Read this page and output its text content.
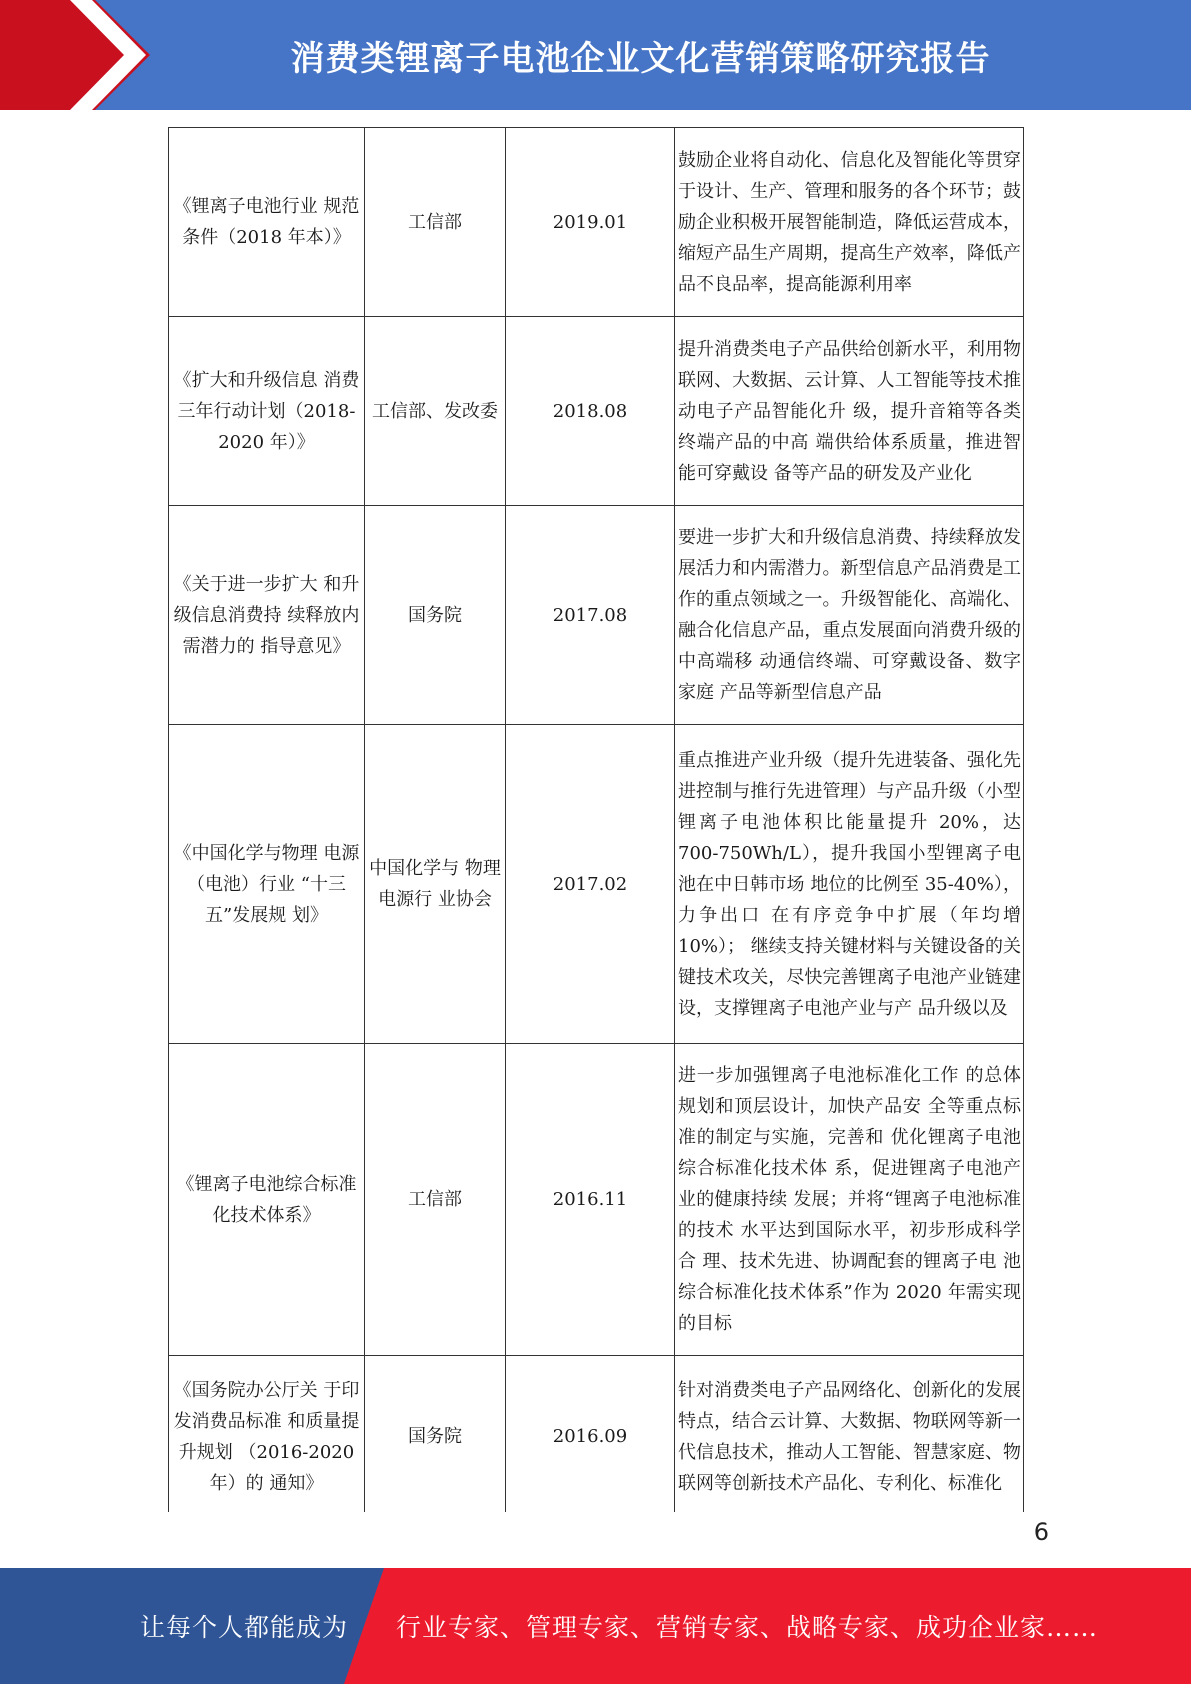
消费类锂离子电池企业文化营销策略研究报告
《锂离子电池行业 规范条件（2018 年本）》	工信部	2019.01	鼓励企业将自动化、信息化及智能化等贯穿于设计、生产、管理和服务的各个环节；鼓励企业积极开展智能制造，降低运营成本，缩短产品生产周期，提高生产效率，降低产品不良品率，提高能源利用率
《扩大和升级信息 消费三年行动计划（2018-2020 年）》	工信部、发改委	2018.08	提升消费类电子产品供给创新水平，利用物联网、大数据、云计算、人工智能等技术推动电子产品智能化升 级，提升音箱等各类终端产品的中高 端供给体系质量，推进智能可穿戴设 备等产品的研发及产业化
《关于进一步扩大 和升级信息消费持 续释放内需潜力的 指导意见》	国务院	2017.08	要进一步扩大和升级信息消费、持续释放发展活力和内需潜力。新型信息产品消费是工作的重点领域之一。升级智能化、高端化、融合化信息产品，重点发展面向消费升级的中高端移 动通信终端、可穿戴设备、数字家庭 产品等新型信息产品
《中国化学与物理 电源（电池）行业 “十三五”发展规 划》	中国化学与 物理电源行 业协会	2017.02	重点推进产业升级（提升先进装备、强化先进控制与推行先进管理）与产品升级（小型锂离子电池体积比能量提升 20%，达 700-750Wh/L），提升我国小型锂离子电池在中日韩市场 地位的比例至 35-40%），力争出口 在有序竞争中扩展（年均增 10%）； 继续支持关键材料与关键设备的关 键技术攻关，尽快完善锂离子电池产业链建设，支撑锂离子电池产业与产 品升级以及
《锂离子电池综合标准化技术体系》	工信部	2016.11	进一步加强锂离子电池标准化工作 的总体规划和顶层设计，加快产品安 全等重点标准的制定与实施，完善和 优化锂离子电池综合标准化技术体 系，促进锂离子电池产业的健康持续 发展；并将“锂离子电池标准的技术 水平达到国际水平，初步形成科学合 理、技术先进、协调配套的锂离子电 池综合标准化技术体系”作为 2020 年需实现的目标
《国务院办公厅关 于印发消费品标准 和质量提升规划 （2016-2020 年）的 通知》	国务院	2016.09	针对消费类电子产品网络化、创新化的发展特点，结合云计算、大数据、物联网等新一代信息技术，推动人工智能、智慧家庭、物联网等创新技术产品化、专利化、标准化
6
让每个人都能成为 行业专家、管理专家、营销专家、战略专家、成功企业家……
